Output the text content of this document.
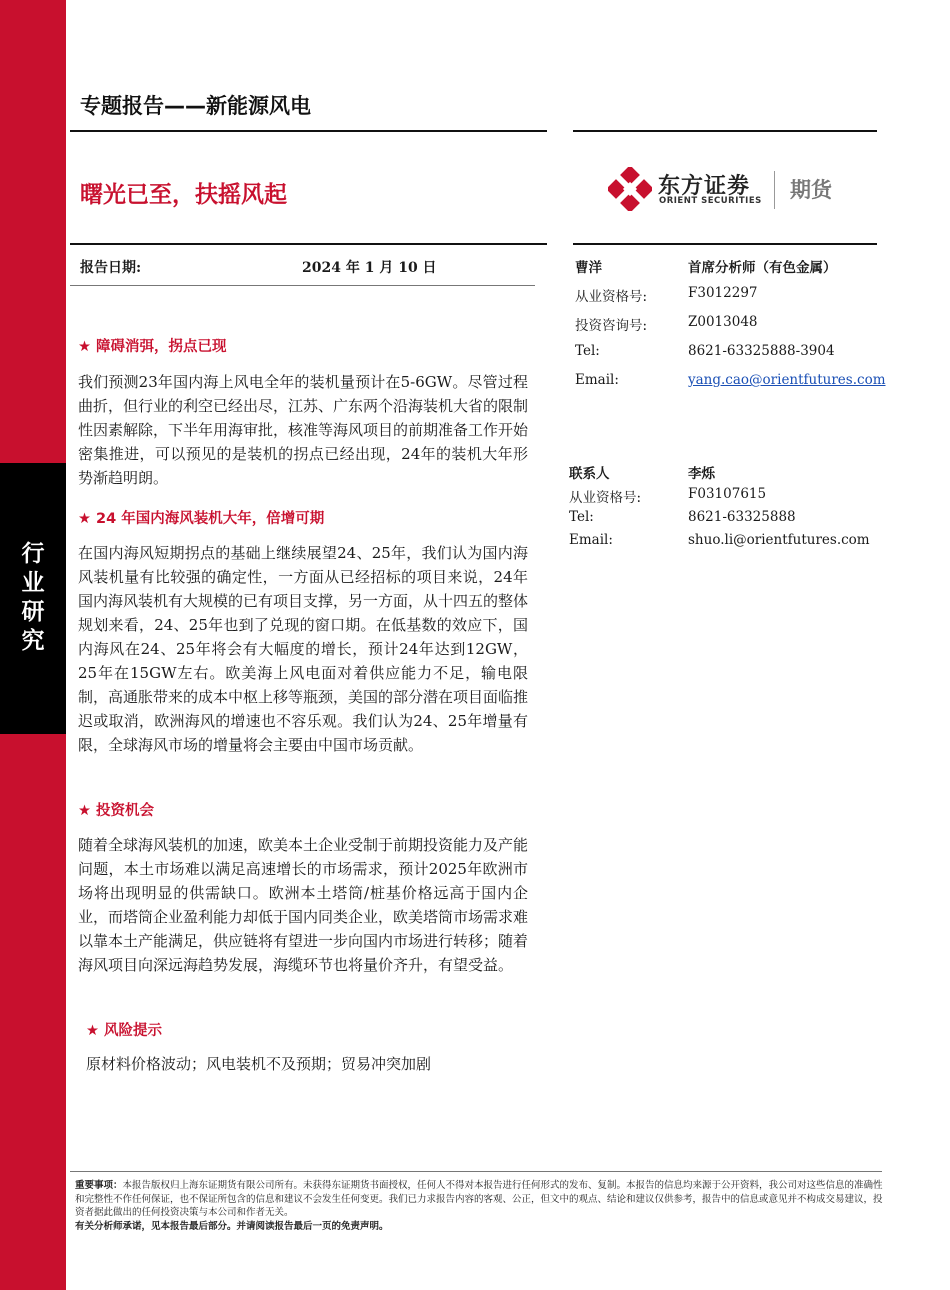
行
业
研
究
专题报告——新能源风电
曙光已至，扶摇风起	东方证劵
ORIENT SECURITIES 期货
报告日期:	2024 年 1 月 10 日	曹洋	首席分析师（有色金属）
从业资格号:	F3012297
投资咨询号:	Z0013048
Tel:	8621-63325888-3904
Email:	yang.cao@orientfutures.com
联系人	李烁
从业资格号:	F03107615
Tel:	8621-63325888
Email:	shuo.li@orientfutures.com
★ 障碍消弭，拐点已现

我们预测23年国内海上风电全年的装机量预计在5-6GW。尽管过程曲折，但行业的利空已经出尽，江苏、广东两个沿海装机大省的限制性因素解除，下半年用海审批，核准等海风项目的前期准备工作开始密集推进，可以预见的是装机的拐点已经出现，24年的装机大年形势渐趋明朗。

★ 24 年国内海风装机大年，倍增可期

在国内海风短期拐点的基础上继续展望24、25年，我们认为国内海风装机量有比较强的确定性，一方面从已经招标的项目来说，24年国内海风装机有大规模的已有项目支撑，另一方面，从十四五的整体规划来看，24、25年也到了兑现的窗口期。在低基数的效应下，国内海风在24、25年将会有大幅度的增长，预计24年达到12GW，25年在15GW左右。欧美海上风电面对着供应能力不足，输电限制，高通胀带来的成本中枢上移等瓶颈，美国的部分潜在项目面临推迟或取消，欧洲海风的增速也不容乐观。我们认为24、25年增量有限，全球海风市场的增量将会主要由中国市场贡献。

★ 投资机会

随着全球海风装机的加速，欧美本土企业受制于前期投资能力及产能问题，本土市场难以满足高速增长的市场需求，预计2025年欧洲市场将出现明显的供需缺口。欧洲本土塔筒/桩基价格远高于国内企业，而塔筒企业盈利能力却低于国内同类企业，欧美塔筒市场需求难以靠本土产能满足，供应链将有望进一步向国内市场进行转移；随着海风项目向深远海趋势发展，海缆环节也将量价齐升，有望受益。

★ 风险提示

原材料价格波动；风电装机不及预期；贸易冲突加剧

重要事项：本报告版权归上海东证期货有限公司所有。未获得东证期货书面授权，任何人不得对本报告进行任何形式的发布、复制。本报告的信息均来源于公开资料，我公司对这些信息的准确性和完整性不作任何保证，也不保证所包含的信息和建议不会发生任何变更。我们已力求报告内容的客观、公正，但文中的观点、结论和建议仅供参考，报告中的信息或意见并不构成交易建议，投资者据此做出的任何投资决策与本公司和作者无关。
有关分析师承诺，见本报告最后部分。并请阅读报告最后一页的免责声明。
